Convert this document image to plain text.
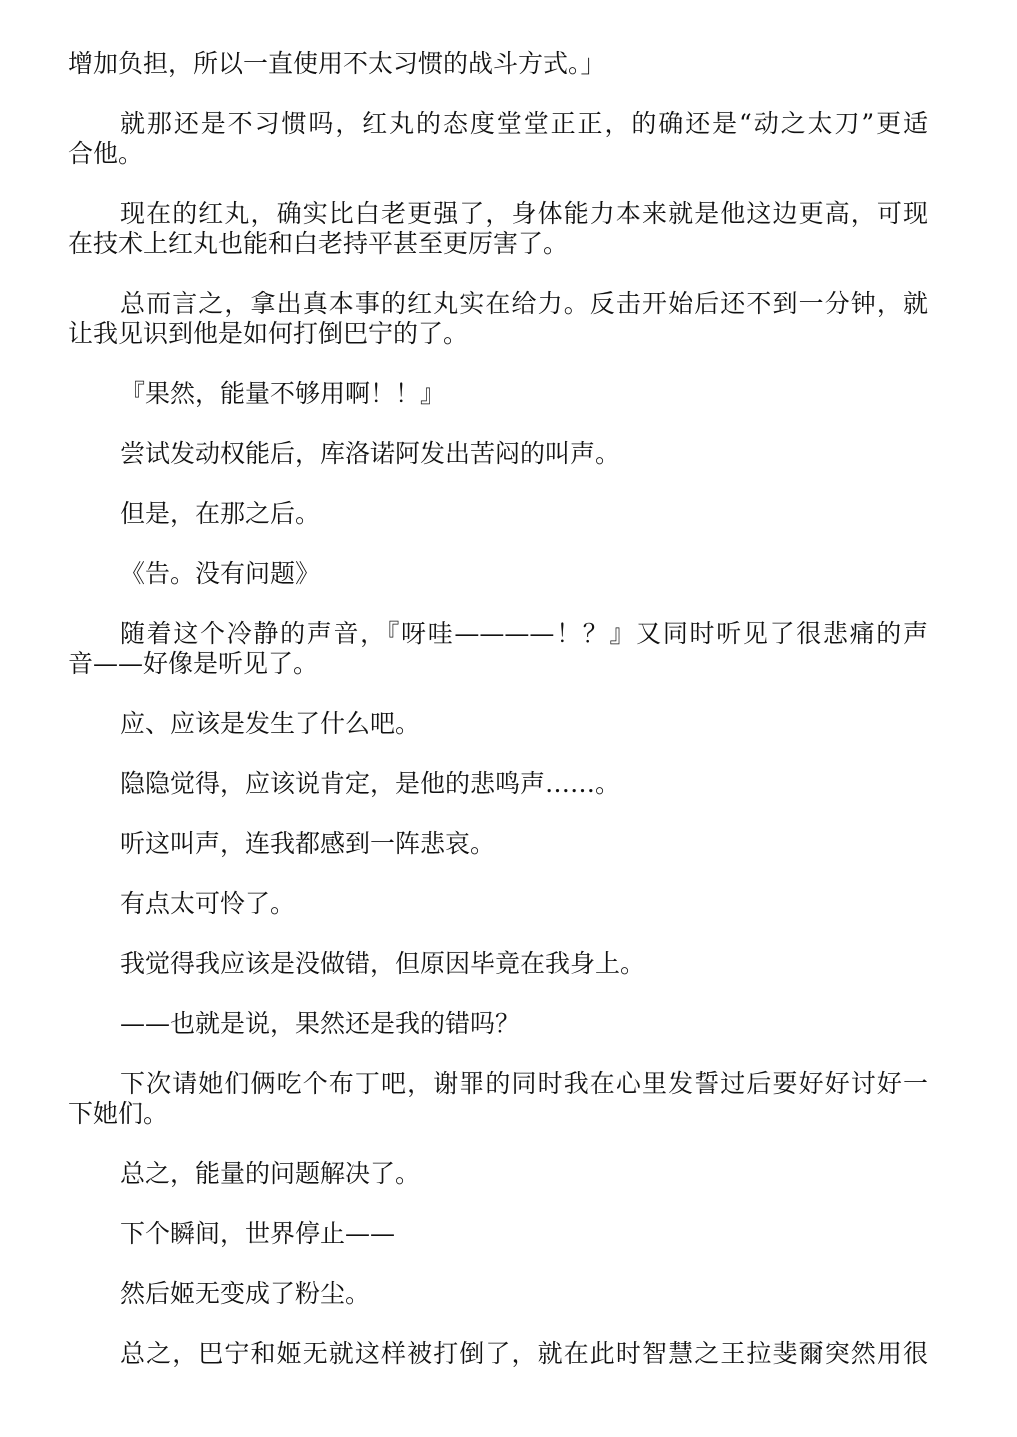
增加负担，所以一直使用不太习惯的战斗方式。」
就那还是不习惯吗，红丸的态度堂堂正正，的确还是“动之太刀”更适
合他。
现在的红丸，确实比白老更强了，身体能力本来就是他这边更高，可现
在技术上红丸也能和白老持平甚至更厉害了。
总而言之，拿出真本事的红丸实在给力。反击开始后还不到一分钟，就
让我见识到他是如何打倒巴宁的了。
『果然，能量不够用啊！！』
尝试发动权能后，库洛诺阿发出苦闷的叫声。
但是，在那之后。
《告。没有问题》
随着这个冷静的声音，『呀哇————！？』又同时听见了很悲痛的声
音——好像是听见了。
应、应该是发生了什么吧。
隐隐觉得，应该说肯定，是他的悲鸣声……。
听这叫声，连我都感到一阵悲哀。
有点太可怜了。
我觉得我应该是没做错，但原因毕竟在我身上。
——也就是说，果然还是我的错吗？
下次请她们俩吃个布丁吧，谢罪的同时我在心里发誓过后要好好讨好一
下她们。
总之，能量的问题解决了。
下个瞬间，世界停止——
然后姬无变成了粉尘。
总之，巴宁和姬无就这样被打倒了，就在此时智慧之王拉斐爾突然用很
